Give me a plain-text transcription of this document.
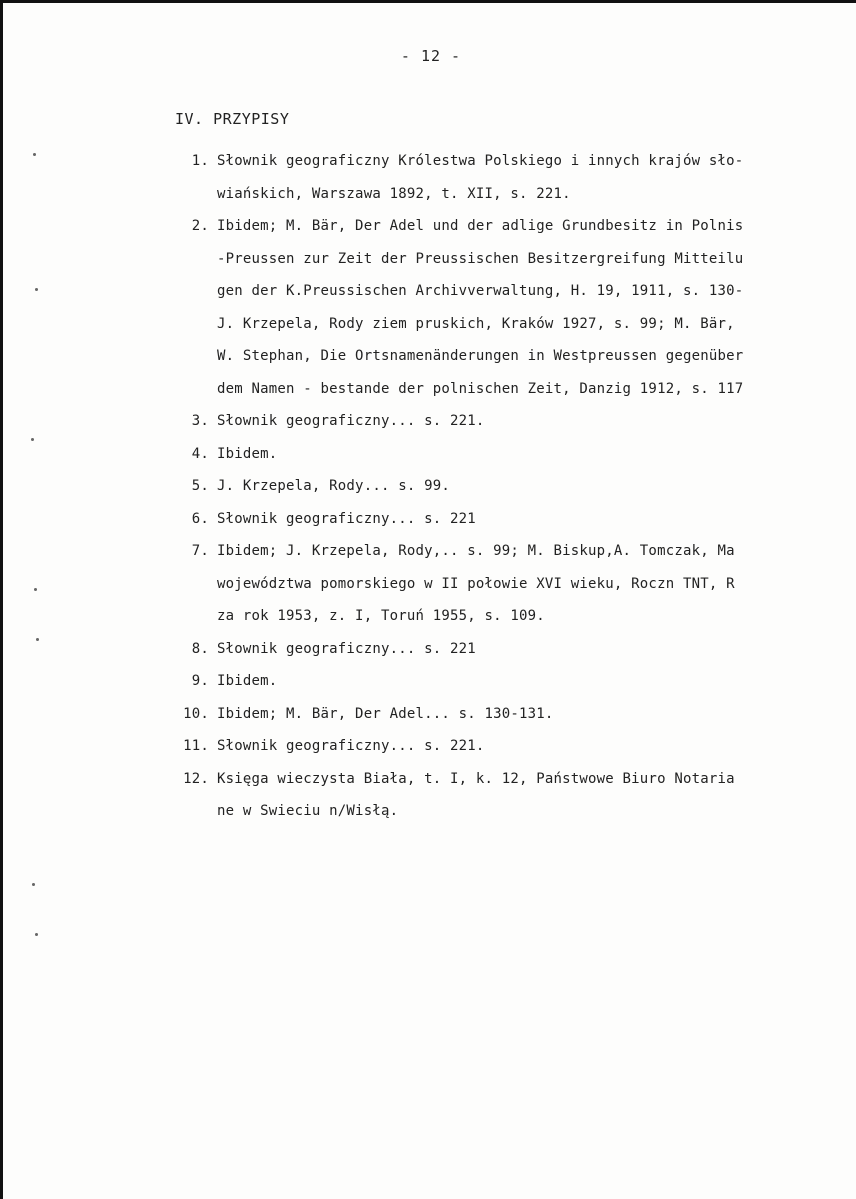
- 12 -
IV. PRZYPISY
1. Słownik geograficzny Królestwa Polskiego i innych krajów sło-
wiańskich, Warszawa 1892, t. XII, s. 221.
2. Ibidem; M. Bär, Der Adel und der adlige Grundbesitz in Polnis
-Preussen zur Zeit der Preussischen Besitzergreifung Mitteilu
gen der K.Preussischen Archivverwaltung, H. 19, 1911, s. 130-
J. Krzepela, Rody ziem pruskich, Kraków 1927, s. 99; M. Bär,
W. Stephan, Die Ortsnamenänderungen in Westpreussen gegenüber
dem Namen - bestande der polnischen Zeit, Danzig 1912, s. 117
3. Słownik geograficzny... s. 221.
4. Ibidem.
5. J. Krzepela, Rody... s. 99.
6. Słownik geograficzny... s. 221
7. Ibidem; J. Krzepela, Rody,.. s. 99; M. Biskup,A. Tomczak, Ma
województwa pomorskiego w II połowie XVI wieku, Roczn TNT, R
za rok 1953, z. I, Toruń 1955, s. 109.
8. Słownik geograficzny... s. 221
9. Ibidem.
10. Ibidem; M. Bär, Der Adel... s. 130-131.
11. Słownik geograficzny... s. 221.
12. Księga wieczysta Biała, t. I, k. 12, Państwowe Biuro Notaria
ne w Swieciu n/Wisłą.
